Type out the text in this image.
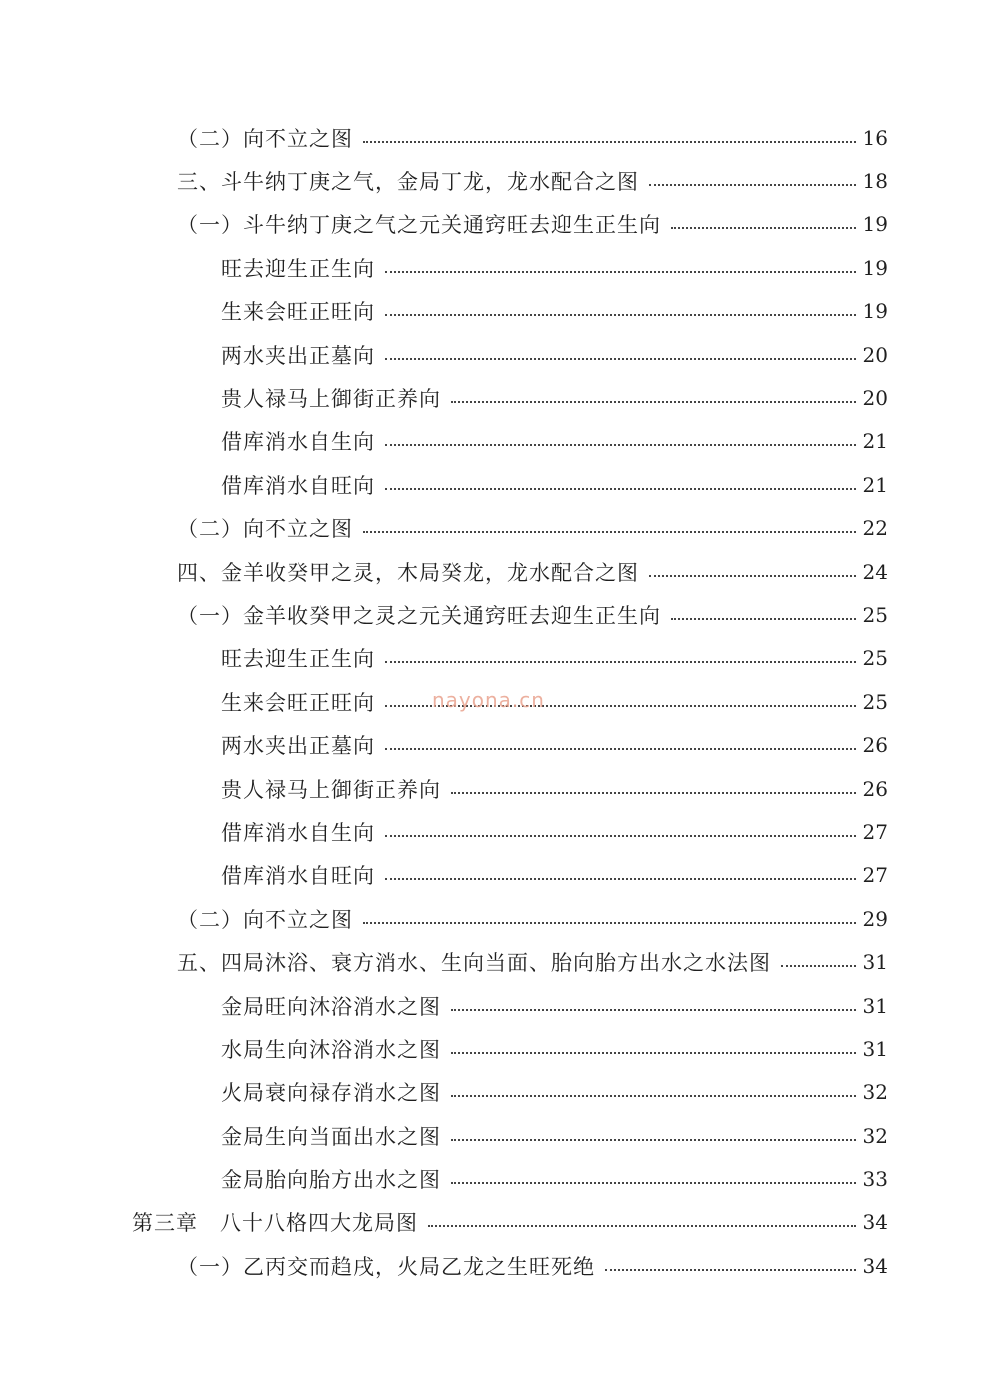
（二）向不立之图	16
三、斗牛纳丁庚之气，金局丁龙，龙水配合之图	18
（一）斗牛纳丁庚之气之元关通窍旺去迎生正生向	19
旺去迎生正生向	19
生来会旺正旺向	19
两水夹出正墓向	20
贵人禄马上御街正养向	20
借库消水自生向	21
借库消水自旺向	21
（二）向不立之图	22
四、金羊收癸甲之灵，木局癸龙，龙水配合之图	24
（一）金羊收癸甲之灵之元关通窍旺去迎生正生向	25
旺去迎生正生向	25
生来会旺正旺向	25
两水夹出正墓向	26
贵人禄马上御街正养向	26
借库消水自生向	27
借库消水自旺向	27
（二）向不立之图	29
五、四局沐浴、衰方消水、生向当面、胎向胎方出水之水法图	31
金局旺向沐浴消水之图	31
水局生向沐浴消水之图	31
火局衰向禄存消水之图	32
金局生向当面出水之图	32
金局胎向胎方出水之图	33
第三章　八十八格四大龙局图	34
（一）乙丙交而趋戌，火局乙龙之生旺死绝	34
nayona.cn
